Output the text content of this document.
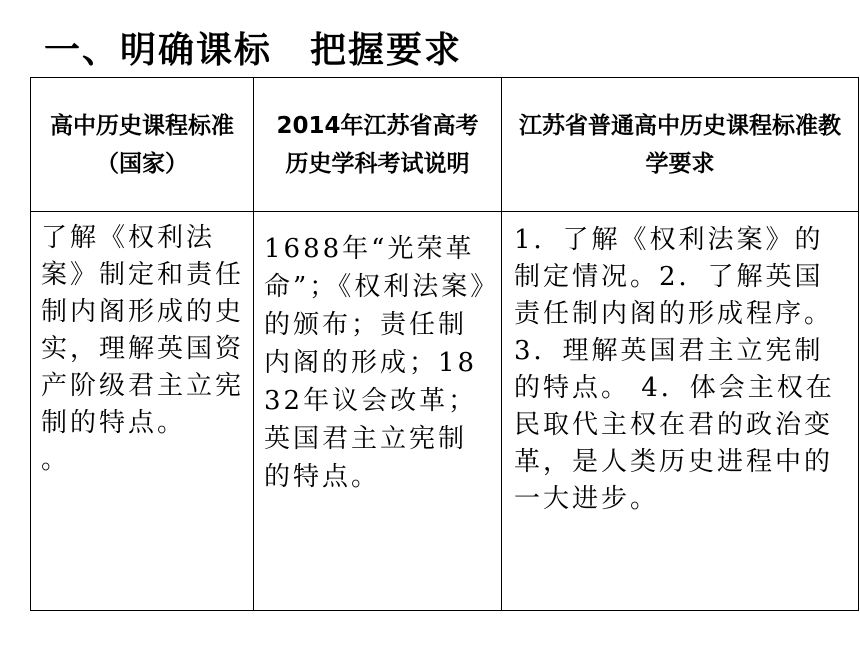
一、明确课标　把握要求
高中历史课程标准（国家）	2014年江苏省高考历史学科考试说明	江苏省普通高中历史课程标准教学要求

了解《权利法案》制定和责任制内阁形成的史实，理解英国资产阶级君主立宪制的特点。
。	1688年“光荣革命”；《权利法案》的颁布；责任制内阁的形成；1832年议会改革；英国君主立宪制的特点。	1．了解《权利法案》的制定情况。2．了解英国责任制内阁的形成程序。3．理解英国君主立宪制的特点。 4．体会主权在民取代主权在君的政治变革，是人类历史进程中的一大进步。
